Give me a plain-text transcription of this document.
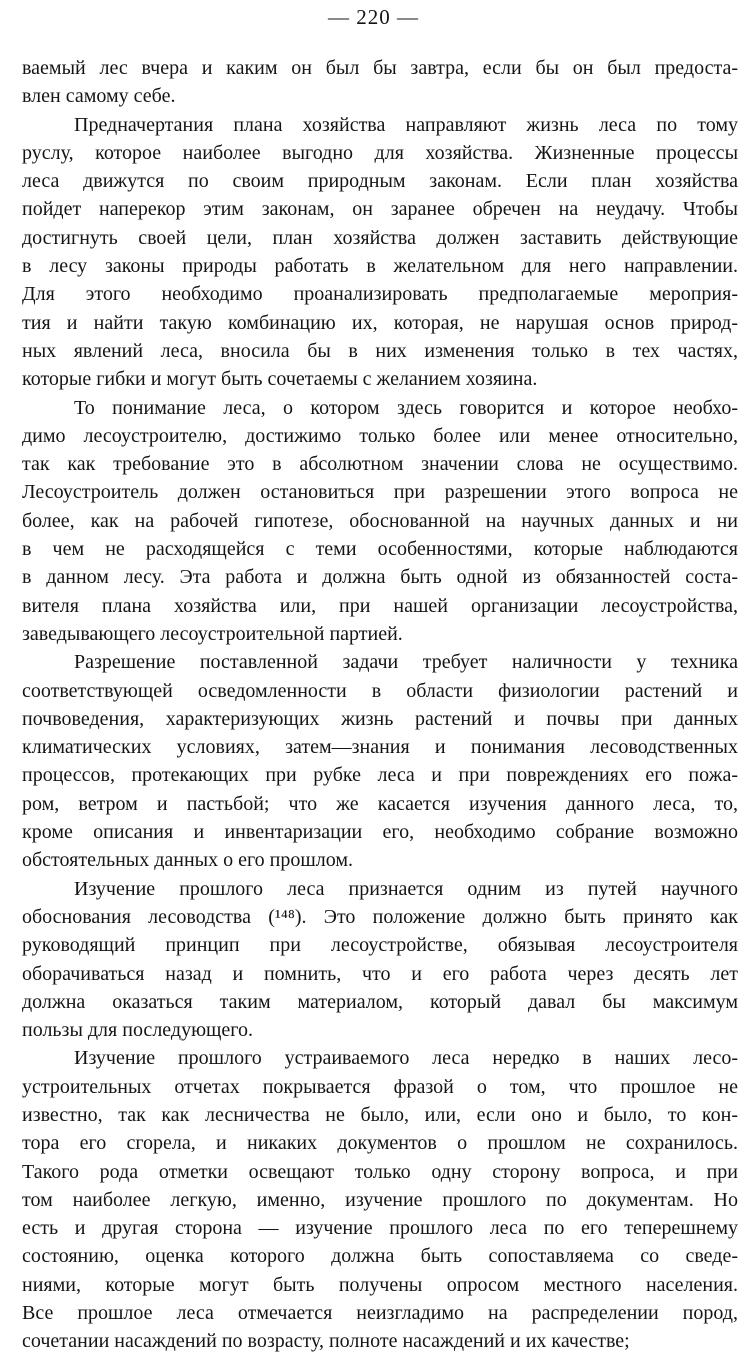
— 220 —
ваемый лес вчера и каким он был бы завтра, если бы он был предоста-
влен самому себе.
Предначертания плана хозяйства направляют жизнь леса по тому
руслу, которое наиболее выгодно для хозяйства. Жизненные процессы
леса движутся по своим природным законам. Если план хозяйства
пойдет наперекор этим законам, он заранее обречен на неудачу. Чтобы
достигнуть своей цели, план хозяйства должен заставить действующие
в лесу законы природы работать в желательном для него направлении.
Для этого необходимо проанализировать предполагаемые мероприя-
тия и найти такую комбинацию их, которая, не нарушая основ природ-
ных явлений леса, вносила бы в них изменения только в тех частях,
которые гибки и могут быть сочетаемы с желанием хозяина.
То понимание леса, о котором здесь говорится и которое необхо-
димо лесоустроителю, достижимо только более или менее относительно,
так как требование это в абсолютном значении слова не осуществимо.
Лесоустроитель должен остановиться при разрешении этого вопроса не
более, как на рабочей гипотезе, обоснованной на научных данных и ни
в чем не расходящейся с теми особенностями, которые наблюдаются
в данном лесу. Эта работа и должна быть одной из обязанностей соста-
вителя плана хозяйства или, при нашей организации лесоустройства,
заведывающего лесоустроительной партией.
Разрешение поставленной задачи требует наличности у техника
соответствующей осведомленности в области физиологии растений и
почвоведения, характеризующих жизнь растений и почвы при данных
климатических условиях, затем—знания и понимания лесоводственных
процессов, протекающих при рубке леса и при повреждениях его пожа-
ром, ветром и пастьбой; что же касается изучения данного леса, то,
кроме описания и инвентаризации его, необходимо собрание возможно
обстоятельных данных о его прошлом.
Изучение прошлого леса признается одним из путей научного
обоснования лесоводства (¹⁴⁸). Это положение должно быть принято как
руководящий принцип при лесоустройстве, обязывая лесоустроителя
оборачиваться назад и помнить, что и его работа через десять лет
должна оказаться таким материалом, который давал бы максимум
пользы для последующего.
Изучение прошлого устраиваемого леса нередко в наших лесо-
устроительных отчетах покрывается фразой о том, что прошлое не
известно, так как лесничества не было, или, если оно и было, то кон-
тора его сгорела, и никаких документов о прошлом не сохранилось.
Такого рода отметки освещают только одну сторону вопроса, и при
том наиболее легкую, именно, изучение прошлого по документам. Но
есть и другая сторона — изучение прошлого леса по его теперешнему
состоянию, оценка которого должна быть сопоставляема со сведе-
ниями, которые могут быть получены опросом местного населения.
Все прошлое леса отмечается неизгладимо на распределении пород,
сочетании насаждений по возрасту, полноте насаждений и их качестве;
